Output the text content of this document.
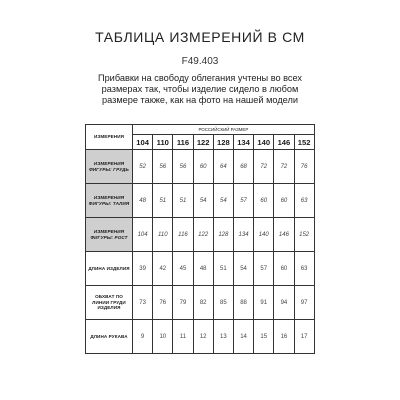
ТАБЛИЦА ИЗМЕРЕНИЙ В СМ
F49.403
Прибавки на свободу облегания учтены во всех размерах так, чтобы изделие сидело в любом размере также, как на фото на нашей модели
ИЗМЕРЕНИЯ	РОССИЙСКИЙ РАЗМЕР								
	104	110	116	122	128	134	140	146	152
ИЗМЕРЕНИЯ ФИГУРЫ: ГРУДЬ	52	56	56	60	64	68	72	72	76
ИЗМЕРЕНИЯ ФИГУРЫ: ТАЛИЯ	48	51	51	54	54	57	60	60	63
ИЗМЕРЕНИЯ ФИГУРЫ: РОСТ	104	110	116	122	128	134	140	146	152
ДЛИНА ИЗДЕЛИЯ	39	42	45	48	51	54	57	60	63
ОБХВАТ ПО ЛИНИИ ГРУДИ ИЗДЕЛИЯ	73	76	79	82	85	88	91	94	97
ДЛИНА РУКАВА	9	10	11	12	13	14	15	16	17
